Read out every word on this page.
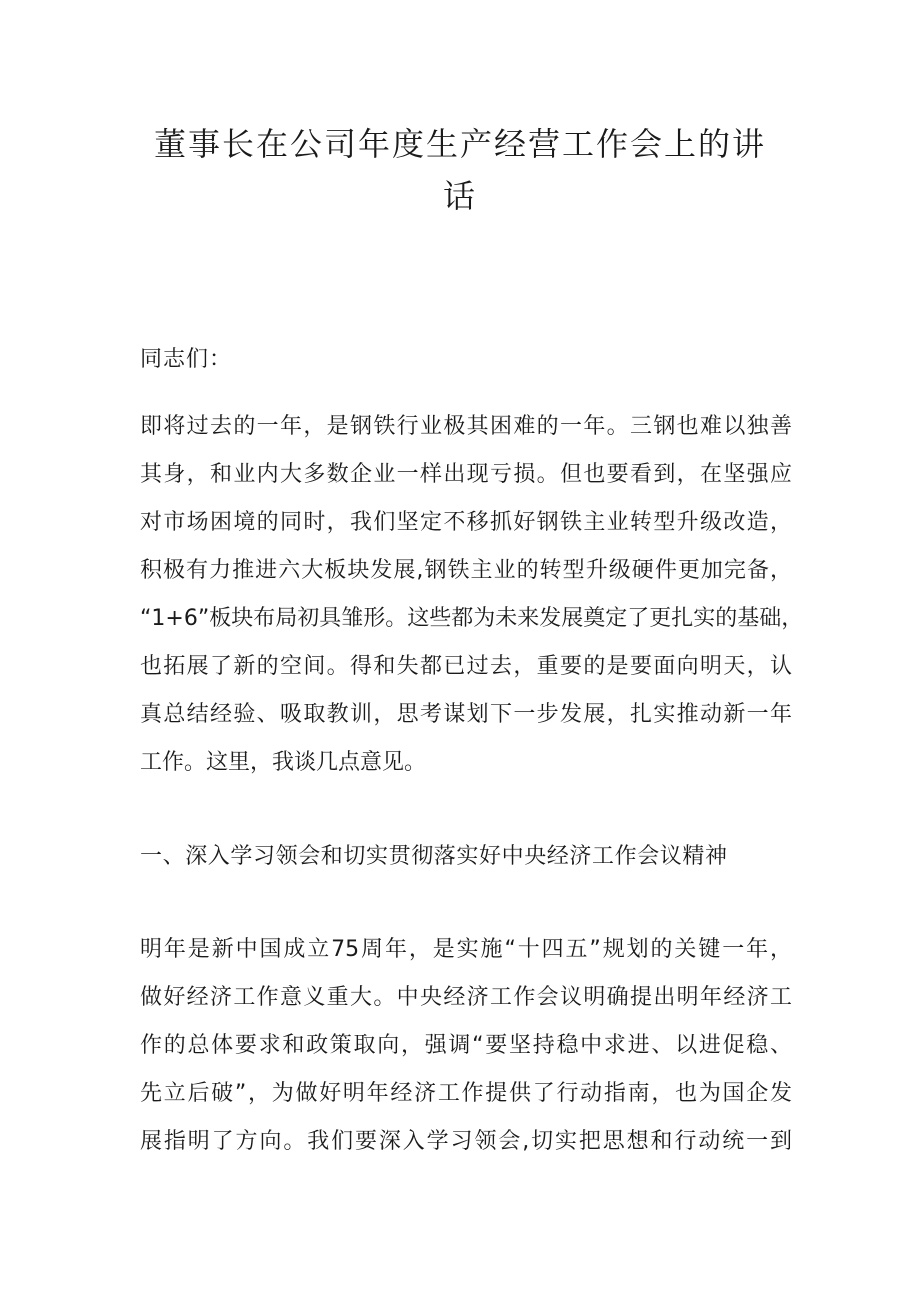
董事长在公司年度生产经营工作会上的讲
话

同志们：

即将过去的一年，是钢铁行业极其困难的一年。三钢也难以独善
其身，和业内大多数企业一样出现亏损。但也要看到，在坚强应
对市场困境的同时，我们坚定不移抓好钢铁主业转型升级改造，
积极有力推进六大板块发展,钢铁主业的转型升级硬件更加完备，
“1+6”板块布局初具雏形。这些都为未来发展奠定了更扎实的基础，
也拓展了新的空间。得和失都已过去，重要的是要面向明天，认
真总结经验、吸取教训，思考谋划下一步发展，扎实推动新一年
工作。这里，我谈几点意见。

一、深入学习领会和切实贯彻落实好中央经济工作会议精神

明年是新中国成立75周年，是实施“十四五”规划的关键一年，
做好经济工作意义重大。中央经济工作会议明确提出明年经济工
作的总体要求和政策取向，强调“要坚持稳中求进、以进促稳、
先立后破”，为做好明年经济工作提供了行动指南，也为国企发
展指明了方向。我们要深入学习领会,切实把思想和行动统一到
